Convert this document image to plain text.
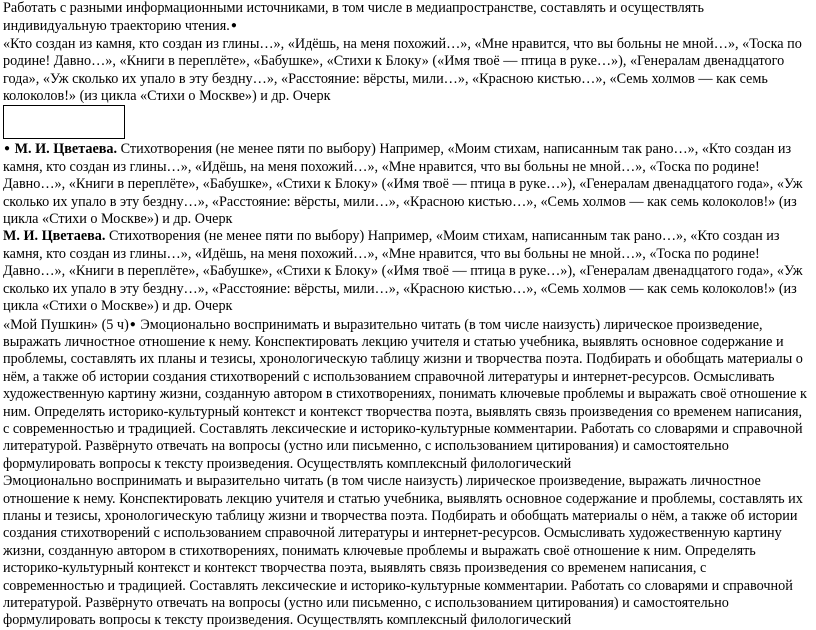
Работать с разными информационными источниками, в том числе в медиапространстве, составлять и осуществлять индивидуальную траекторию чтения.●
«Кто создан из камня, кто создан из глины…», «Идёшь, на меня похожий…», «Мне нравится, что вы больны не мной…», «Тоска по родине! Давно…», «Книги в переплёте», «Бабушке», «Стихи к Блоку» («Имя твоё — птица в руке…»), «Генералам двенадцатого года», «Уж сколько их упало в эту бездну…», «Расстояние: вёрсты, мили…», «Красною кистью…», «Семь холмов — как семь колоколов!» (из цикла «Стихи о Москве») и др. Очерк

● М. И. Цветаева. Стихотворения (не менее пяти по выбору) Например, «Моим стихам, написанным так рано…», «Кто создан из камня, кто создан из глины…», «Идёшь, на меня похожий…», «Мне нравится, что вы больны не мной…», «Тоска по родине! Давно…», «Книги в переплёте», «Бабушке», «Стихи к Блоку» («Имя твоё — птица в руке…»), «Генералам двенадцатого года», «Уж сколько их упало в эту бездну…», «Расстояние: вёрсты, мили…», «Красною кистью…», «Семь холмов — как семь колоколов!» (из цикла «Стихи о Москве») и др. Очерк

М. И. Цветаева. Стихотворения (не менее пяти по выбору) Например, «Моим стихам, написанным так рано…», «Кто создан из камня, кто создан из глины…», «Идёшь, на меня похожий…», «Мне нравится, что вы больны не мной…», «Тоска по родине! Давно…», «Книги в переплёте», «Бабушке», «Стихи к Блоку» («Имя твоё — птица в руке…»), «Генералам двенадцатого года», «Уж сколько их упало в эту бездну…», «Расстояние: вёрсты, мили…», «Красною кистью…», «Семь холмов — как семь колоколов!» (из цикла «Стихи о Москве») и др. Очерк

«Мой Пушкин» (5 ч)● Эмоционально воспринимать и выразительно читать (в том числе наизусть) лирическое произведение, выражать личностное отношение к нему. Конспектировать лекцию учителя и статью учебника, выявлять основное содержание и проблемы, составлять их планы и тезисы, хронологическую таблицу жизни и творчества поэта. Подбирать и обобщать материалы о нём, а также об истории создания стихотворений с использованием справочной литературы и интернет-ресурсов. Осмысливать художественную картину жизни, созданную автором в стихотворениях, понимать ключевые проблемы и выражать своё отношение к ним. Определять историко-культурный контекст и контекст творчества поэта, выявлять связь произведения со временем написания, с современностью и традицией. Составлять лексические и историко-культурные комментарии. Работать со словарями и справочной литературой. Развёрнуто отвечать на вопросы (устно или письменно, с использованием цитирования) и самостоятельно формулировать вопросы к тексту произведения. Осуществлять комплексный филологический

Эмоционально воспринимать и выразительно читать (в том числе наизусть) лирическое произведение, выражать личностное отношение к нему. Конспектировать лекцию учителя и статью учебника, выявлять основное содержание и проблемы, составлять их планы и тезисы, хронологическую таблицу жизни и творчества поэта. Подбирать и обобщать материалы о нём, а также об истории создания стихотворений с использованием справочной литературы и интернет-ресурсов. Осмысливать художественную картину жизни, созданную автором в стихотворениях, понимать ключевые проблемы и выражать своё отношение к ним. Определять историко-культурный контекст и контекст творчества поэта, выявлять связь произведения со временем написания, с современностью и традицией. Составлять лексические и историко-культурные комментарии. Работать со словарями и справочной литературой. Развёрнуто отвечать на вопросы (устно или письменно, с использованием цитирования) и самостоятельно формулировать вопросы к тексту произведения. Осуществлять комплексный филологический
